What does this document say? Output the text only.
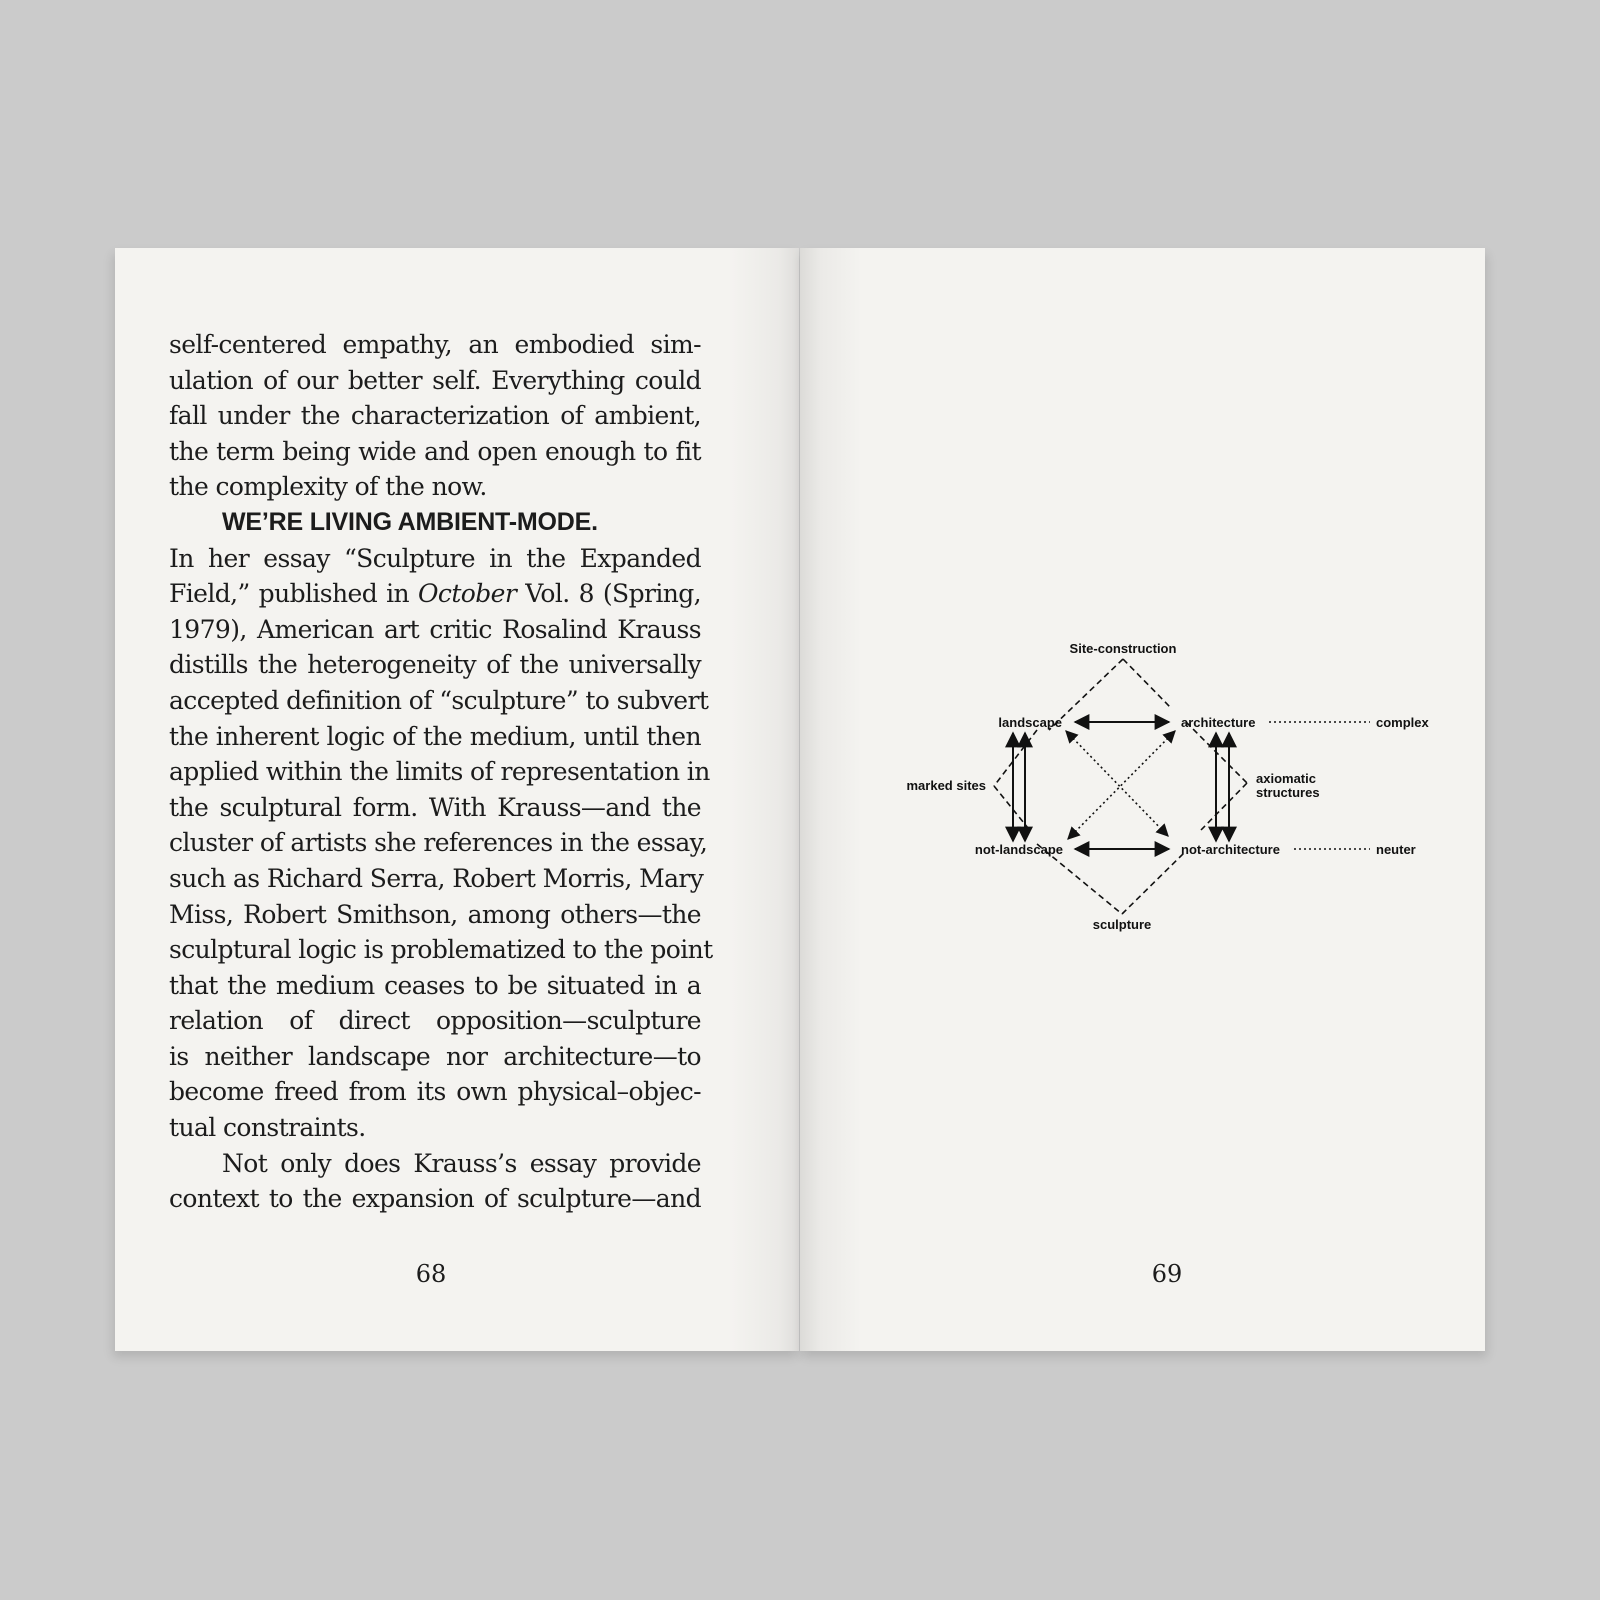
self-centered empathy, an embodied sim-
ulation of our better self. Everything could
fall under the characterization of ambient,
the term being wide and open enough to fit
the complexity of the now.
WE’RE LIVING AMBIENT-MODE.
In her essay “Sculpture in the Expanded
Field,” published in October Vol. 8 (Spring,
1979), American art critic Rosalind Krauss
distills the heterogeneity of the universally
accepted definition of “sculpture” to subvert
the inherent logic of the medium, until then
applied within the limits of representation in
the sculptural form. With Krauss—and the
cluster of artists she references in the essay,
such as Richard Serra, Robert Morris, Mary
Miss, Robert Smithson, among others—the
sculptural logic is problematized to the point
that the medium ceases to be situated in a
relation of direct opposition—sculpture
is neither landscape nor architecture—to
become freed from its own physical–objec-
tual constraints.
Not only does Krauss’s essay provide
context to the expansion of sculpture—and
68
Site-construction
landscape	architecture	complex
marked sites	axiomatic
structures
not-landscape	not-architecture	neuter
sculpture
69
